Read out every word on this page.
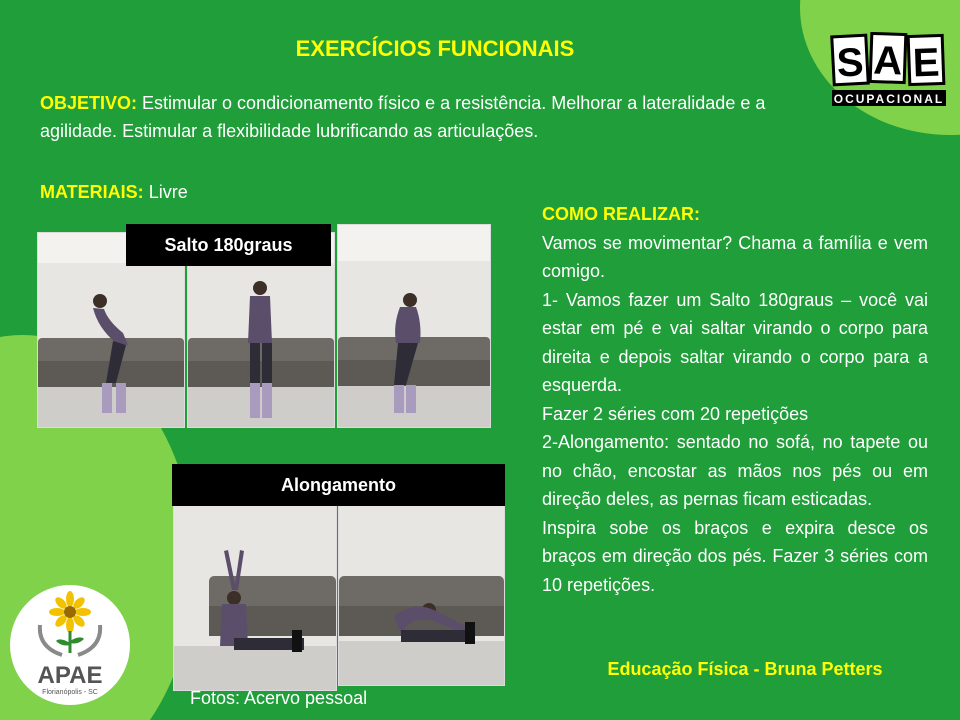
EXERCÍCIOS FUNCIONAIS
OBJETIVO: Estimular o condicionamento físico e a resistência. Melhorar a lateralidade e a agilidade. Estimular a flexibilidade lubrificando as articulações.
MATERIAIS: Livre
Salto 180graus
Alongamento

COMO REALIZAR:

Vamos se movimentar? Chama a família e vem comigo.

1- Vamos fazer um Salto 180graus – você vai estar em pé e vai saltar virando o corpo para direita e depois saltar virando o corpo para a esquerda.

Fazer 2 séries com 20 repetições

2-Alongamento: sentado no sofá, no tapete ou no chão, encostar as mãos nos pés ou em direção deles, as pernas ficam esticadas.

Inspira sobe os braços e expira desce os braços em direção dos pés. Fazer 3 séries com 10 repetições.

Educação Física - Bruna Petters
Fotos: Acervo pessoal
S A E
OCUPACIONAL
APAE
Florianópolis - SC
